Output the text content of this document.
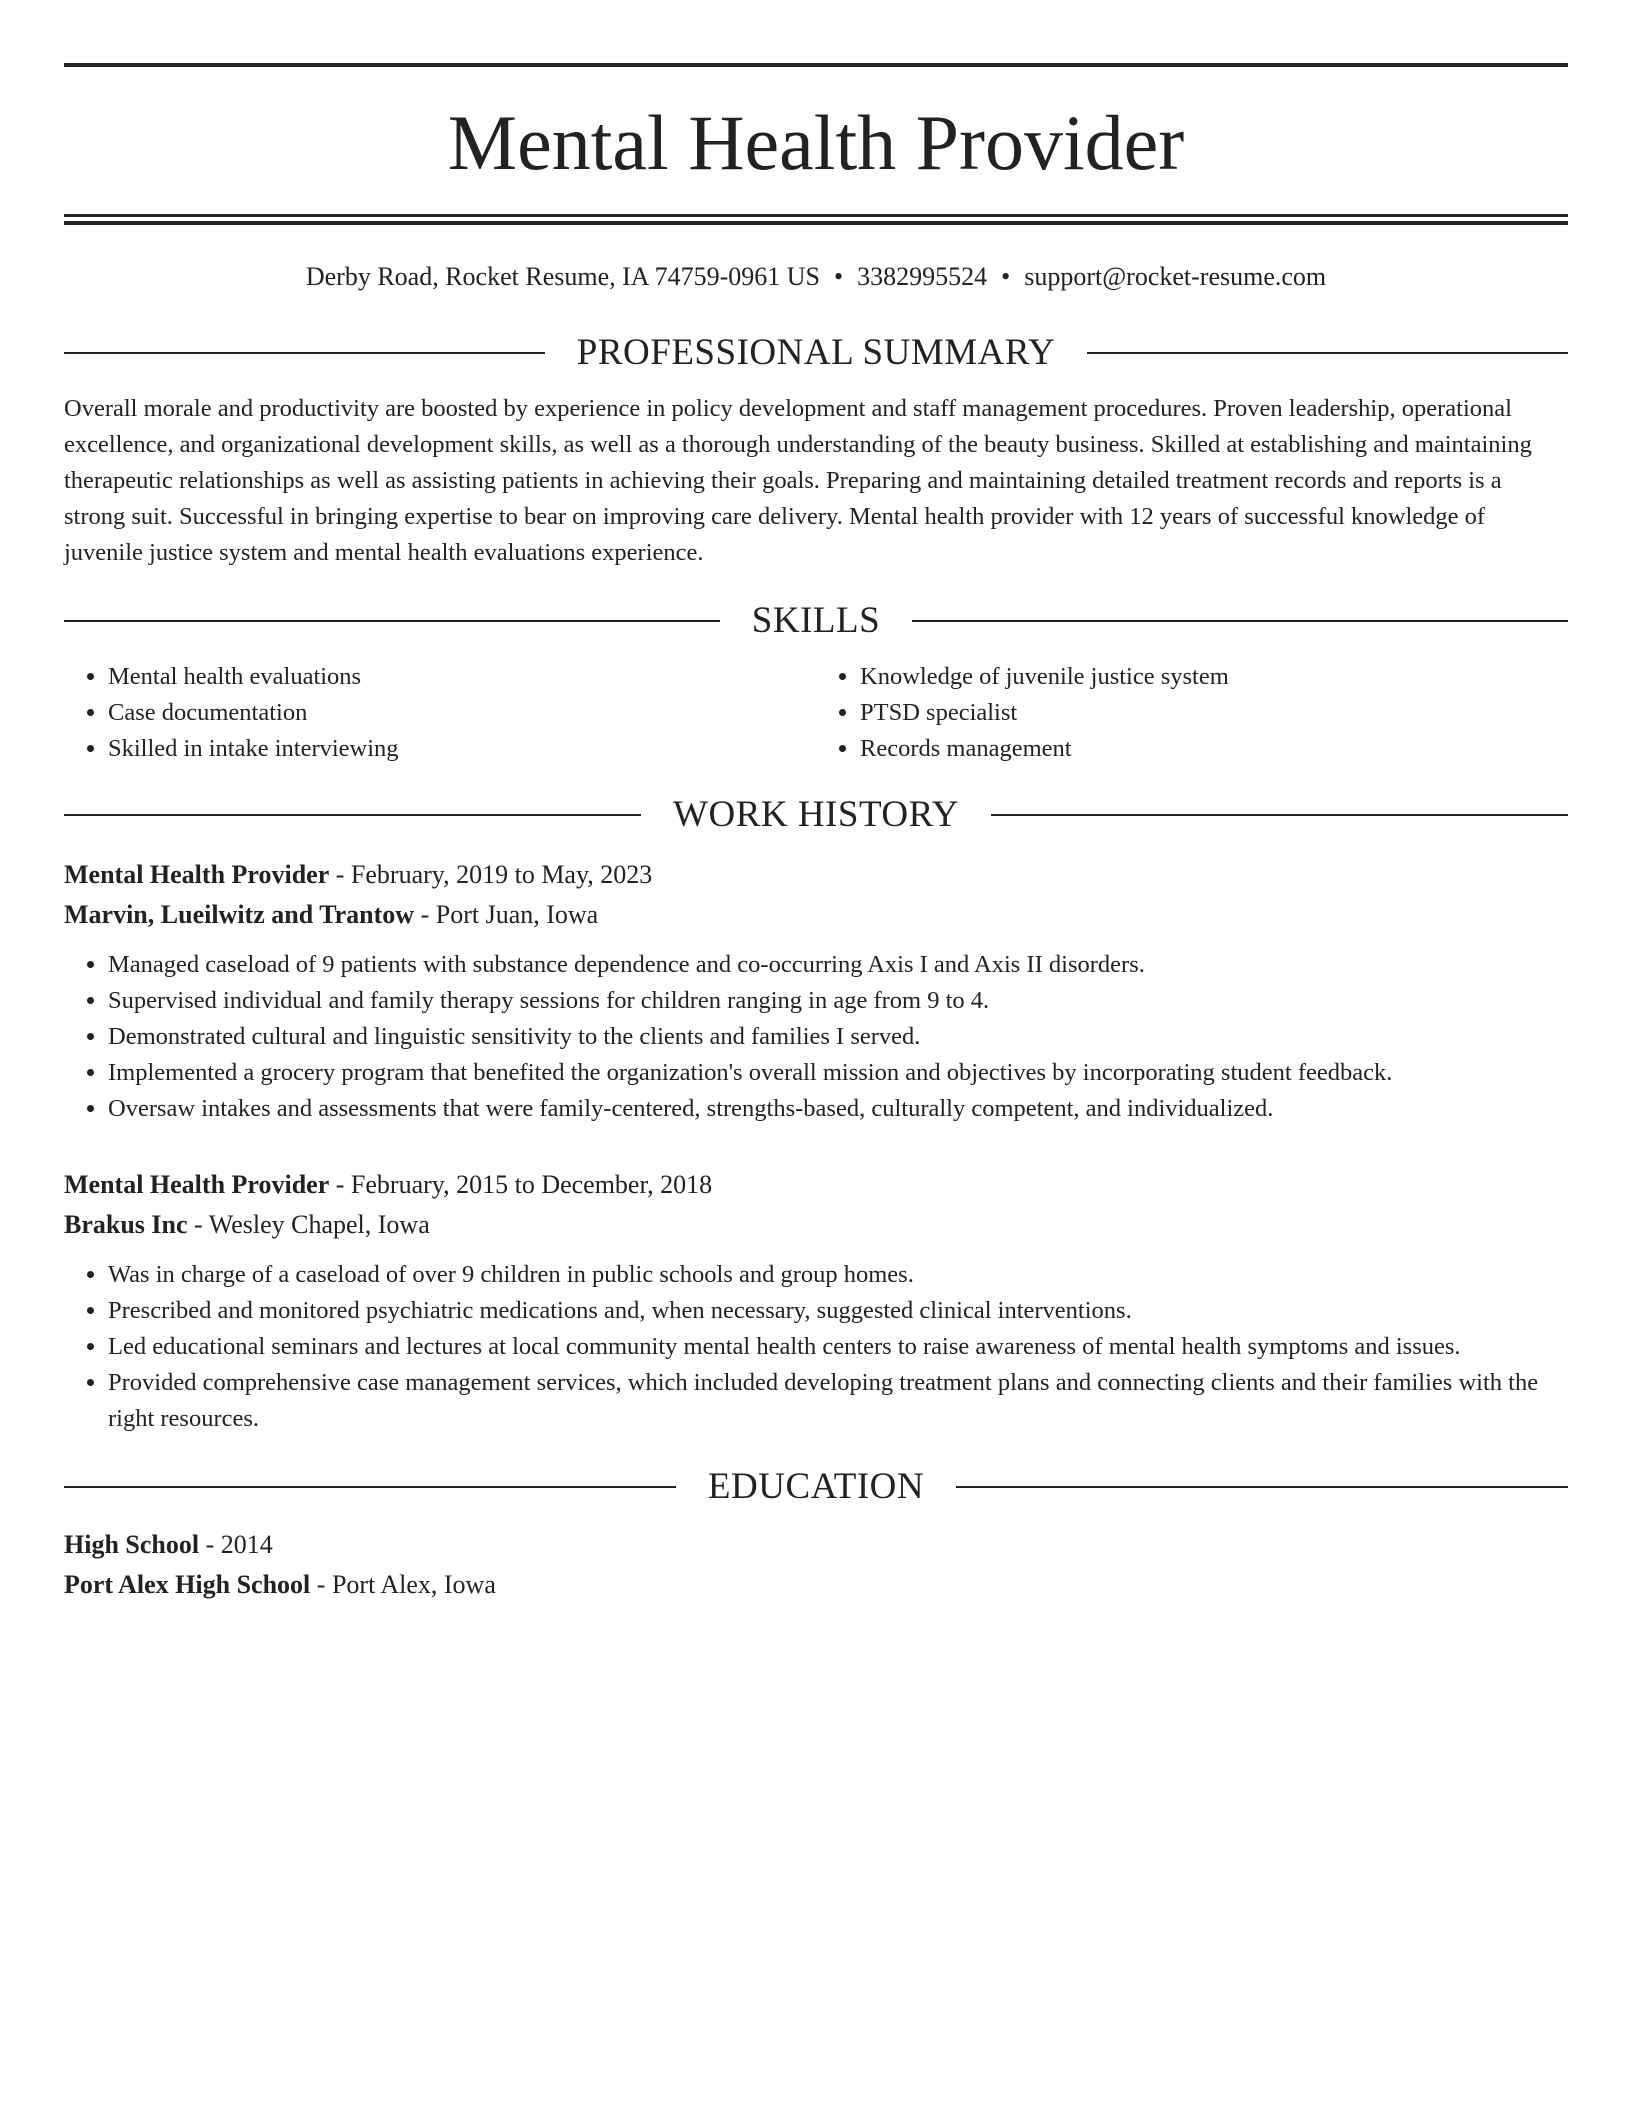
Mental Health Provider
Derby Road, Rocket Resume, IA 74759-0961 US • 3382995524 • support@rocket-resume.com
PROFESSIONAL SUMMARY
Overall morale and productivity are boosted by experience in policy development and staff management procedures. Proven leadership, operational excellence, and organizational development skills, as well as a thorough understanding of the beauty business. Skilled at establishing and maintaining therapeutic relationships as well as assisting patients in achieving their goals. Preparing and maintaining detailed treatment records and reports is a strong suit. Successful in bringing expertise to bear on improving care delivery. Mental health provider with 12 years of successful knowledge of juvenile justice system and mental health evaluations experience.
SKILLS
• Mental health evaluations
• Case documentation
• Skilled in intake interviewing
• Knowledge of juvenile justice system
• PTSD specialist
• Records management
WORK HISTORY
Mental Health Provider - February, 2019 to May, 2023
Marvin, Lueilwitz and Trantow - Port Juan, Iowa
• Managed caseload of 9 patients with substance dependence and co-occurring Axis I and Axis II disorders.
• Supervised individual and family therapy sessions for children ranging in age from 9 to 4.
• Demonstrated cultural and linguistic sensitivity to the clients and families I served.
• Implemented a grocery program that benefited the organization's overall mission and objectives by incorporating student feedback.
• Oversaw intakes and assessments that were family-centered, strengths-based, culturally competent, and individualized.
Mental Health Provider - February, 2015 to December, 2018
Brakus Inc - Wesley Chapel, Iowa
• Was in charge of a caseload of over 9 children in public schools and group homes.
• Prescribed and monitored psychiatric medications and, when necessary, suggested clinical interventions.
• Led educational seminars and lectures at local community mental health centers to raise awareness of mental health symptoms and issues.
• Provided comprehensive case management services, which included developing treatment plans and connecting clients and their families with the right resources.
EDUCATION
High School - 2014
Port Alex High School - Port Alex, Iowa
